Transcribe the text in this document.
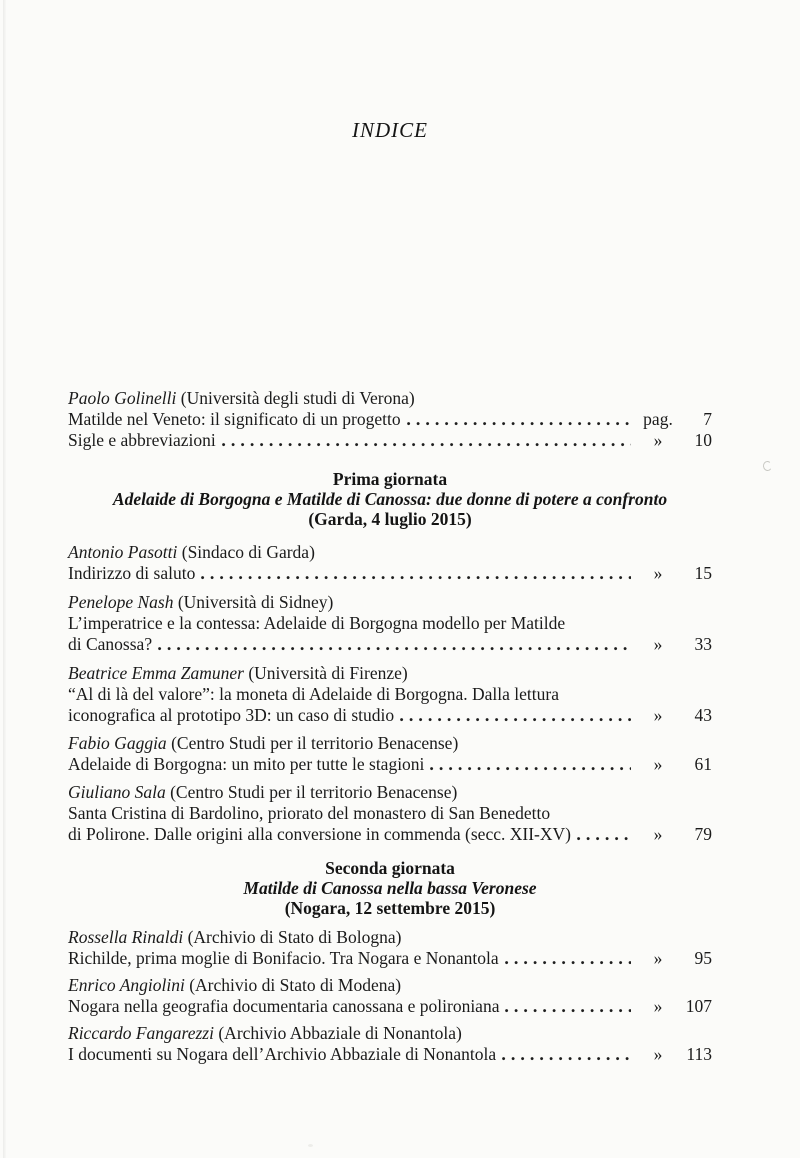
INDICE
Paolo Golinelli (Università degli studi di Verona)
Matilde nel Veneto: il significato di un progetto	pag.	7
Sigle e abbreviazioni	»	10
Prima giornata
Adelaide di Borgogna e Matilde di Canossa: due donne di potere a confronto
(Garda, 4 luglio 2015)
Antonio Pasotti (Sindaco di Garda)
Indirizzo di saluto	»	15
Penelope Nash (Università di Sidney)
L’imperatrice e la contessa: Adelaide di Borgogna modello per Matilde
di Canossa?	»	33
Beatrice Emma Zamuner (Università di Firenze)
“Al di là del valore”: la moneta di Adelaide di Borgogna. Dalla lettura
iconografica al prototipo 3D: un caso di studio	»	43
Fabio Gaggia (Centro Studi per il territorio Benacense)
Adelaide di Borgogna: un mito per tutte le stagioni	»	61
Giuliano Sala (Centro Studi per il territorio Benacense)
Santa Cristina di Bardolino, priorato del monastero di San Benedetto
di Polirone. Dalle origini alla conversione in commenda (secc. XII-XV)	»	79
Seconda giornata
Matilde di Canossa nella bassa Veronese
(Nogara, 12 settembre 2015)
Rossella Rinaldi (Archivio di Stato di Bologna)
Richilde, prima moglie di Bonifacio. Tra Nogara e Nonantola	»	95
Enrico Angiolini (Archivio di Stato di Modena)
Nogara nella geografia documentaria canossana e polironiana	»	107
Riccardo Fangarezzi (Archivio Abbaziale di Nonantola)
I documenti su Nogara dell’Archivio Abbaziale di Nonantola	»	113
